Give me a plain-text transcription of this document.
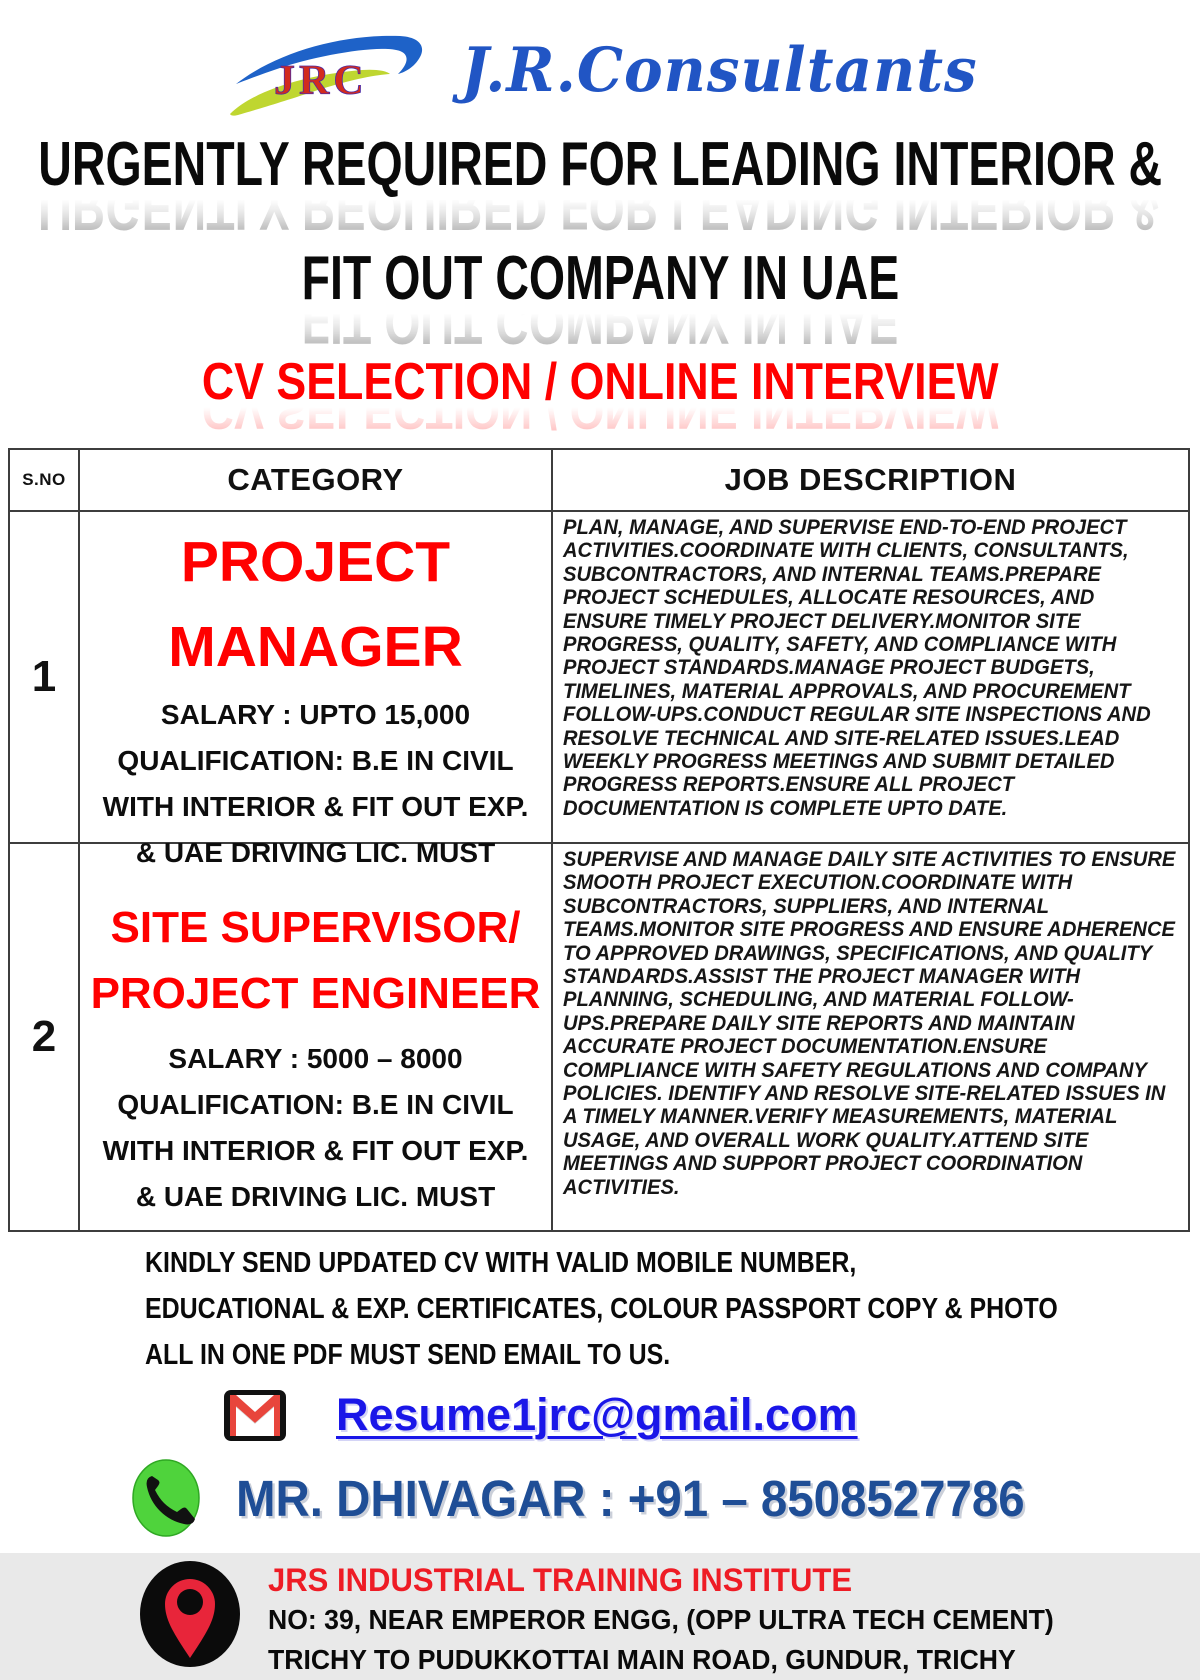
JRC J.R.Consultants
URGENTLY REQUIRED FOR LEADING INTERIOR &
FIT OUT COMPANY IN UAE
CV SELECTION / ONLINE INTERVIEW
S.NO	CATEGORY	JOB DESCRIPTION
1
PROJECT
MANAGER
SALARY : UPTO 15,000
QUALIFICATION: B.E IN CIVIL
WITH INTERIOR & FIT OUT EXP.
& UAE DRIVING LIC. MUST
PLAN, MANAGE, AND SUPERVISE END-TO-END PROJECT ACTIVITIES.COORDINATE WITH CLIENTS, CONSULTANTS, SUBCONTRACTORS, AND INTERNAL TEAMS.PREPARE PROJECT SCHEDULES, ALLOCATE RESOURCES, AND ENSURE TIMELY PROJECT DELIVERY.MONITOR SITE PROGRESS, QUALITY, SAFETY, AND COMPLIANCE WITH PROJECT STANDARDS.MANAGE PROJECT BUDGETS, TIMELINES, MATERIAL APPROVALS, AND PROCUREMENT FOLLOW-UPS.CONDUCT REGULAR SITE INSPECTIONS AND RESOLVE TECHNICAL AND SITE-RELATED ISSUES.LEAD WEEKLY PROGRESS MEETINGS AND SUBMIT DETAILED PROGRESS REPORTS.ENSURE ALL PROJECT DOCUMENTATION IS COMPLETE UPTO DATE.
2
SITE SUPERVISOR/
PROJECT ENGINEER
SALARY : 5000 – 8000
QUALIFICATION: B.E IN CIVIL
WITH INTERIOR & FIT OUT EXP.
& UAE DRIVING LIC. MUST
SUPERVISE AND MANAGE DAILY SITE ACTIVITIES TO ENSURE SMOOTH PROJECT EXECUTION.COORDINATE WITH SUBCONTRACTORS, SUPPLIERS, AND INTERNAL TEAMS.MONITOR SITE PROGRESS AND ENSURE ADHERENCE TO APPROVED DRAWINGS, SPECIFICATIONS, AND QUALITY STANDARDS.ASSIST THE PROJECT MANAGER WITH PLANNING, SCHEDULING, AND MATERIAL FOLLOW-UPS.PREPARE DAILY SITE REPORTS AND MAINTAIN ACCURATE PROJECT DOCUMENTATION.ENSURE COMPLIANCE WITH SAFETY REGULATIONS AND COMPANY POLICIES. IDENTIFY AND RESOLVE SITE-RELATED ISSUES IN A TIMELY MANNER.VERIFY MEASUREMENTS, MATERIAL USAGE, AND OVERALL WORK QUALITY.ATTEND SITE MEETINGS AND SUPPORT PROJECT COORDINATION ACTIVITIES.
KINDLY SEND UPDATED CV WITH VALID MOBILE NUMBER,
EDUCATIONAL & EXP. CERTIFICATES, COLOUR PASSPORT COPY & PHOTO
ALL IN ONE PDF MUST SEND EMAIL TO US.
Resume1jrc@gmail.com
MR. DHIVAGAR : +91 – 8508527786
JRS INDUSTRIAL TRAINING INSTITUTE
NO: 39, NEAR EMPEROR ENGG, (OPP ULTRA TECH CEMENT)
TRICHY TO PUDUKKOTTAI MAIN ROAD, GUNDUR, TRICHY
